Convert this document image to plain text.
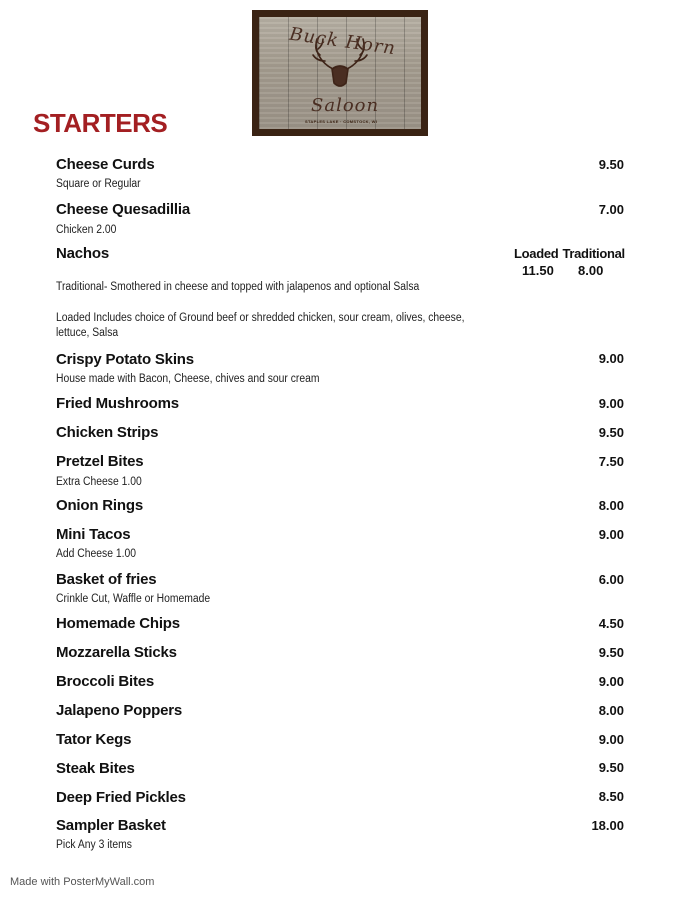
Buck Horn
Saloon
STAPLES LAKE · COMSTOCK, WI
STARTERS
Cheese Curds	9.50
Square or Regular
Cheese Quesadillia	7.00
Chicken 2.00
Nachos	Loaded Traditional
11.50 8.00
Traditional- Smothered in cheese and topped with jalapenos and optional Salsa
Loaded Includes choice of Ground beef or shredded chicken, sour cream, olives, cheese,
lettuce, Salsa
Crispy Potato Skins	9.00
House made with Bacon, Cheese, chives and sour cream
Fried Mushrooms	9.00
Chicken Strips	9.50
Pretzel Bites	7.50
Extra Cheese 1.00
Onion Rings	8.00
Mini Tacos	9.00
Add Cheese 1.00
Basket of fries	6.00
Crinkle Cut, Waffle or Homemade
Homemade Chips	4.50
Mozzarella Sticks	9.50
Broccoli Bites	9.00
Jalapeno Poppers	8.00
Tator Kegs	9.00
Steak Bites	9.50
Deep Fried Pickles	8.50
Sampler Basket	18.00
Pick Any 3 items
Made with PosterMyWall.com
